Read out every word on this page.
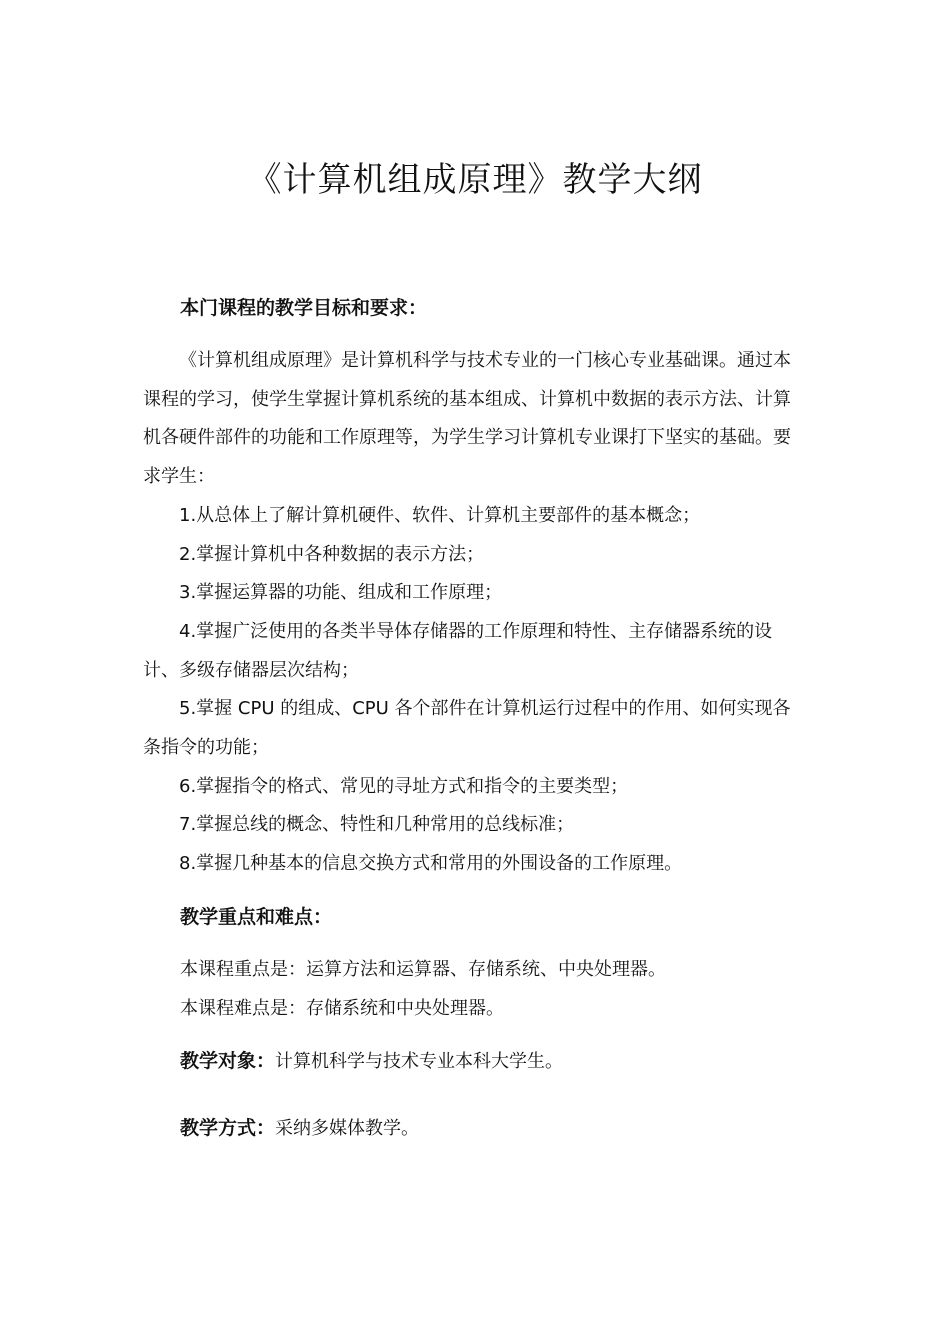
《计算机组成原理》教学大纲
本门课程的教学目标和要求：

《计算机组成原理》是计算机科学与技术专业的一门核心专业基础课。通过本课程的学习，使学生掌握计算机系统的基本组成、计算机中数据的表示方法、计算机各硬件部件的功能和工作原理等，为学生学习计算机专业课打下坚实的基础。要求学生：

1.从总体上了解计算机硬件、软件、计算机主要部件的基本概念；

2.掌握计算机中各种数据的表示方法；

3.掌握运算器的功能、组成和工作原理；

4.掌握广泛使用的各类半导体存储器的工作原理和特性、主存储器系统的设计、多级存储器层次结构；

5.掌握 CPU 的组成、CPU 各个部件在计算机运行过程中的作用、如何实现各条指令的功能；

6.掌握指令的格式、常见的寻址方式和指令的主要类型；

7.掌握总线的概念、特性和几种常用的总线标准；

8.掌握几种基本的信息交换方式和常用的外围设备的工作原理。

教学重点和难点：
本课程重点是：运算方法和运算器、存储系统、中央处理器。
本课程难点是：存储系统和中央处理器。
教学对象：计算机科学与技术专业本科大学生。
教学方式：采纳多媒体教学。
